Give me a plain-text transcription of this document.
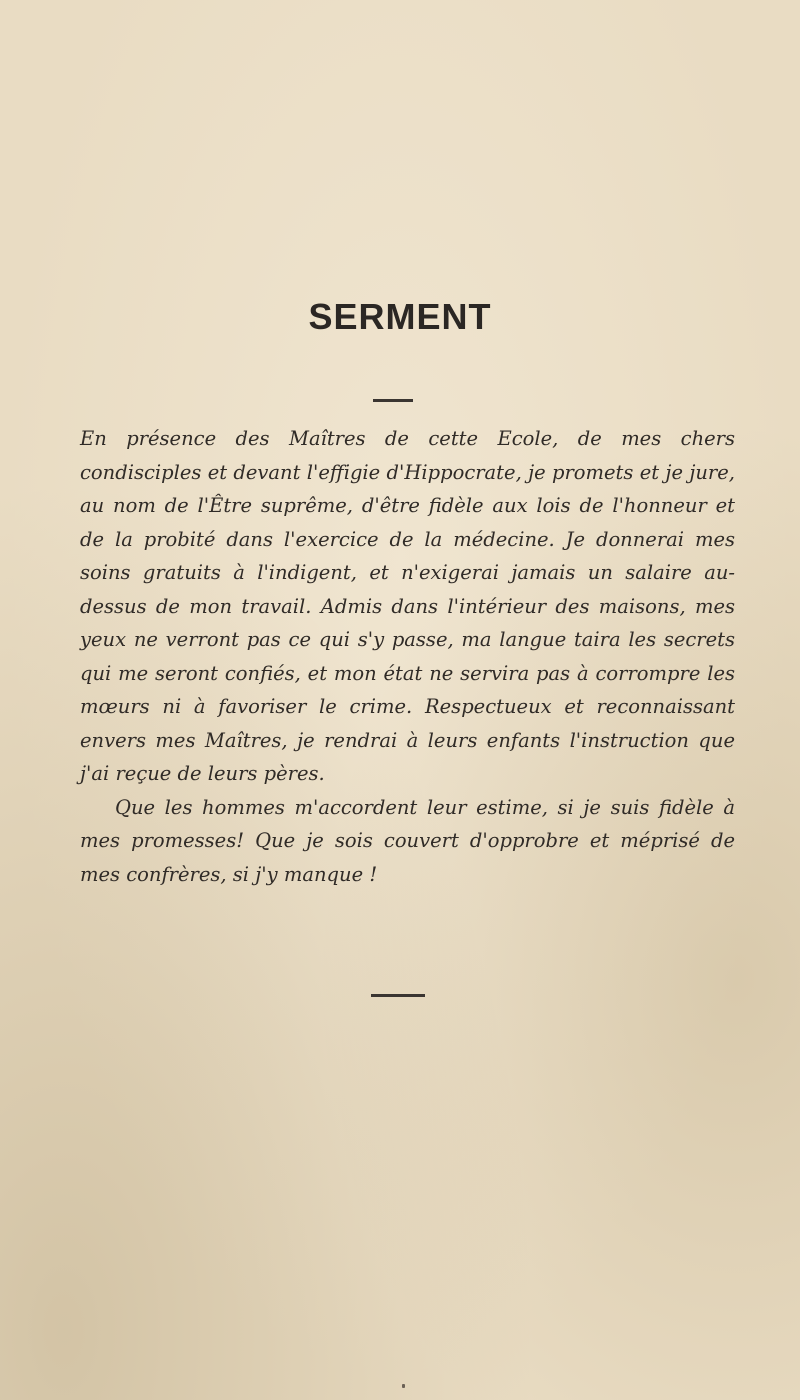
SERMENT

En présence des Maîtres de cette Ecole, de mes chers condisciples et devant l'effigie d'Hippocrate, je promets et je jure, au nom de l'Être suprême, d'être fidèle aux lois de l'honneur et de la probité dans l'exercice de la médecine. Je donnerai mes soins gratuits à l'indigent, et n'exigerai jamais un salaire au-dessus de mon travail. Admis dans l'intérieur des maisons, mes yeux ne verront pas ce qui s'y passe, ma langue taira les secrets qui me seront confiés, et mon état ne servira pas à corrompre les mœurs ni à favoriser le crime. Respectueux et reconnaissant envers mes Maîtres, je rendrai à leurs enfants l'instruction que j'ai reçue de leurs pères.

Que les hommes m'accordent leur estime, si je suis fidèle à mes promesses! Que je sois couvert d'opprobre et méprisé de mes confrères, si j'y manque !
